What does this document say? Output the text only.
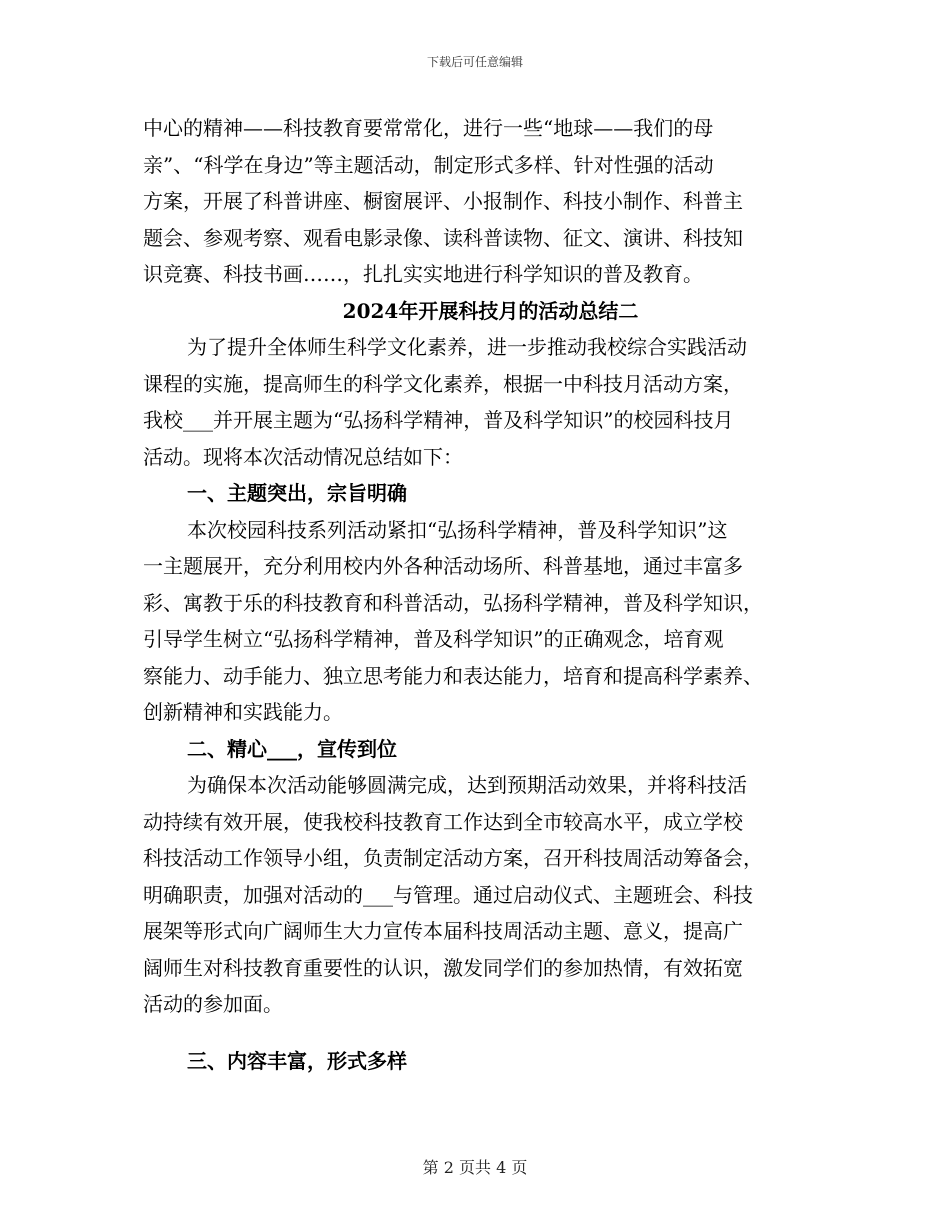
下载后可任意编辑
中心的精神——科技教育要常常化，进行一些“地球——我们的母
亲”、“科学在身边”等主题活动，制定形式多样、针对性强的活动
方案，开展了科普讲座、橱窗展评、小报制作、科技小制作、科普主
题会、参观考察、观看电影录像、读科普读物、征文、演讲、科技知
识竞赛、科技书画……，扎扎实实地进行科学知识的普及教育。
2024年开展科技月的活动总结二
为了提升全体师生科学文化素养，进一步推动我校综合实践活动
课程的实施，提高师生的科学文化素养，根据一中科技月活动方案，
我校___并开展主题为“弘扬科学精神，普及科学知识”的校园科技月
活动。现将本次活动情况总结如下：
一、主题突出，宗旨明确
本次校园科技系列活动紧扣“弘扬科学精神，普及科学知识”这
一主题展开，充分利用校内外各种活动场所、科普基地，通过丰富多
彩、寓教于乐的科技教育和科普活动，弘扬科学精神，普及科学知识，
引导学生树立“弘扬科学精神，普及科学知识”的正确观念，培育观
察能力、动手能力、独立思考能力和表达能力，培育和提高科学素养、
创新精神和实践能力。
二、精心___，宣传到位
为确保本次活动能够圆满完成，达到预期活动效果，并将科技活
动持续有效开展，使我校科技教育工作达到全市较高水平，成立学校
科技活动工作领导小组，负责制定活动方案，召开科技周活动筹备会，
明确职责，加强对活动的___与管理。通过启动仪式、主题班会、科技
展架等形式向广阔师生大力宣传本届科技周活动主题、意义，提高广
阔师生对科技教育重要性的认识，激发同学们的参加热情，有效拓宽
活动的参加面。
三、内容丰富，形式多样
第 2 页共 4 页
